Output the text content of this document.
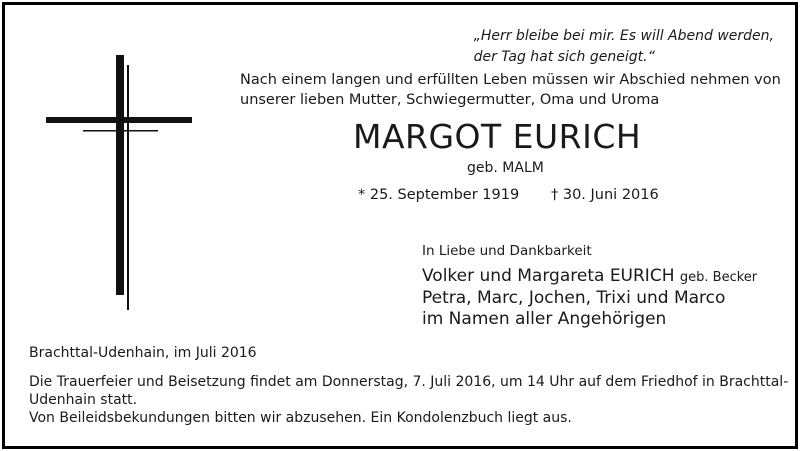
„Herr bleibe bei mir. Es will Abend werden,
der Tag hat sich geneigt.“
Nach einem langen und erfüllten Leben müssen wir Abschied nehmen von
unserer lieben Mutter, Schwiegermutter, Oma und Uroma
MARGOT EURICH
geb. MALM
* 25. September 1919 † 30. Juni 2016
In Liebe und Dankbarkeit
Volker und Margareta EURICH geb. Becker
Petra, Marc, Jochen, Trixi und Marco
im Namen aller Angehörigen
Brachttal-Udenhain, im Juli 2016
Die Trauerfeier und Beisetzung findet am Donnerstag, 7. Juli 2016, um 14 Uhr auf dem Friedhof in Brachttal-
Udenhain statt.
Von Beileidsbekundungen bitten wir abzusehen. Ein Kondolenzbuch liegt aus.
